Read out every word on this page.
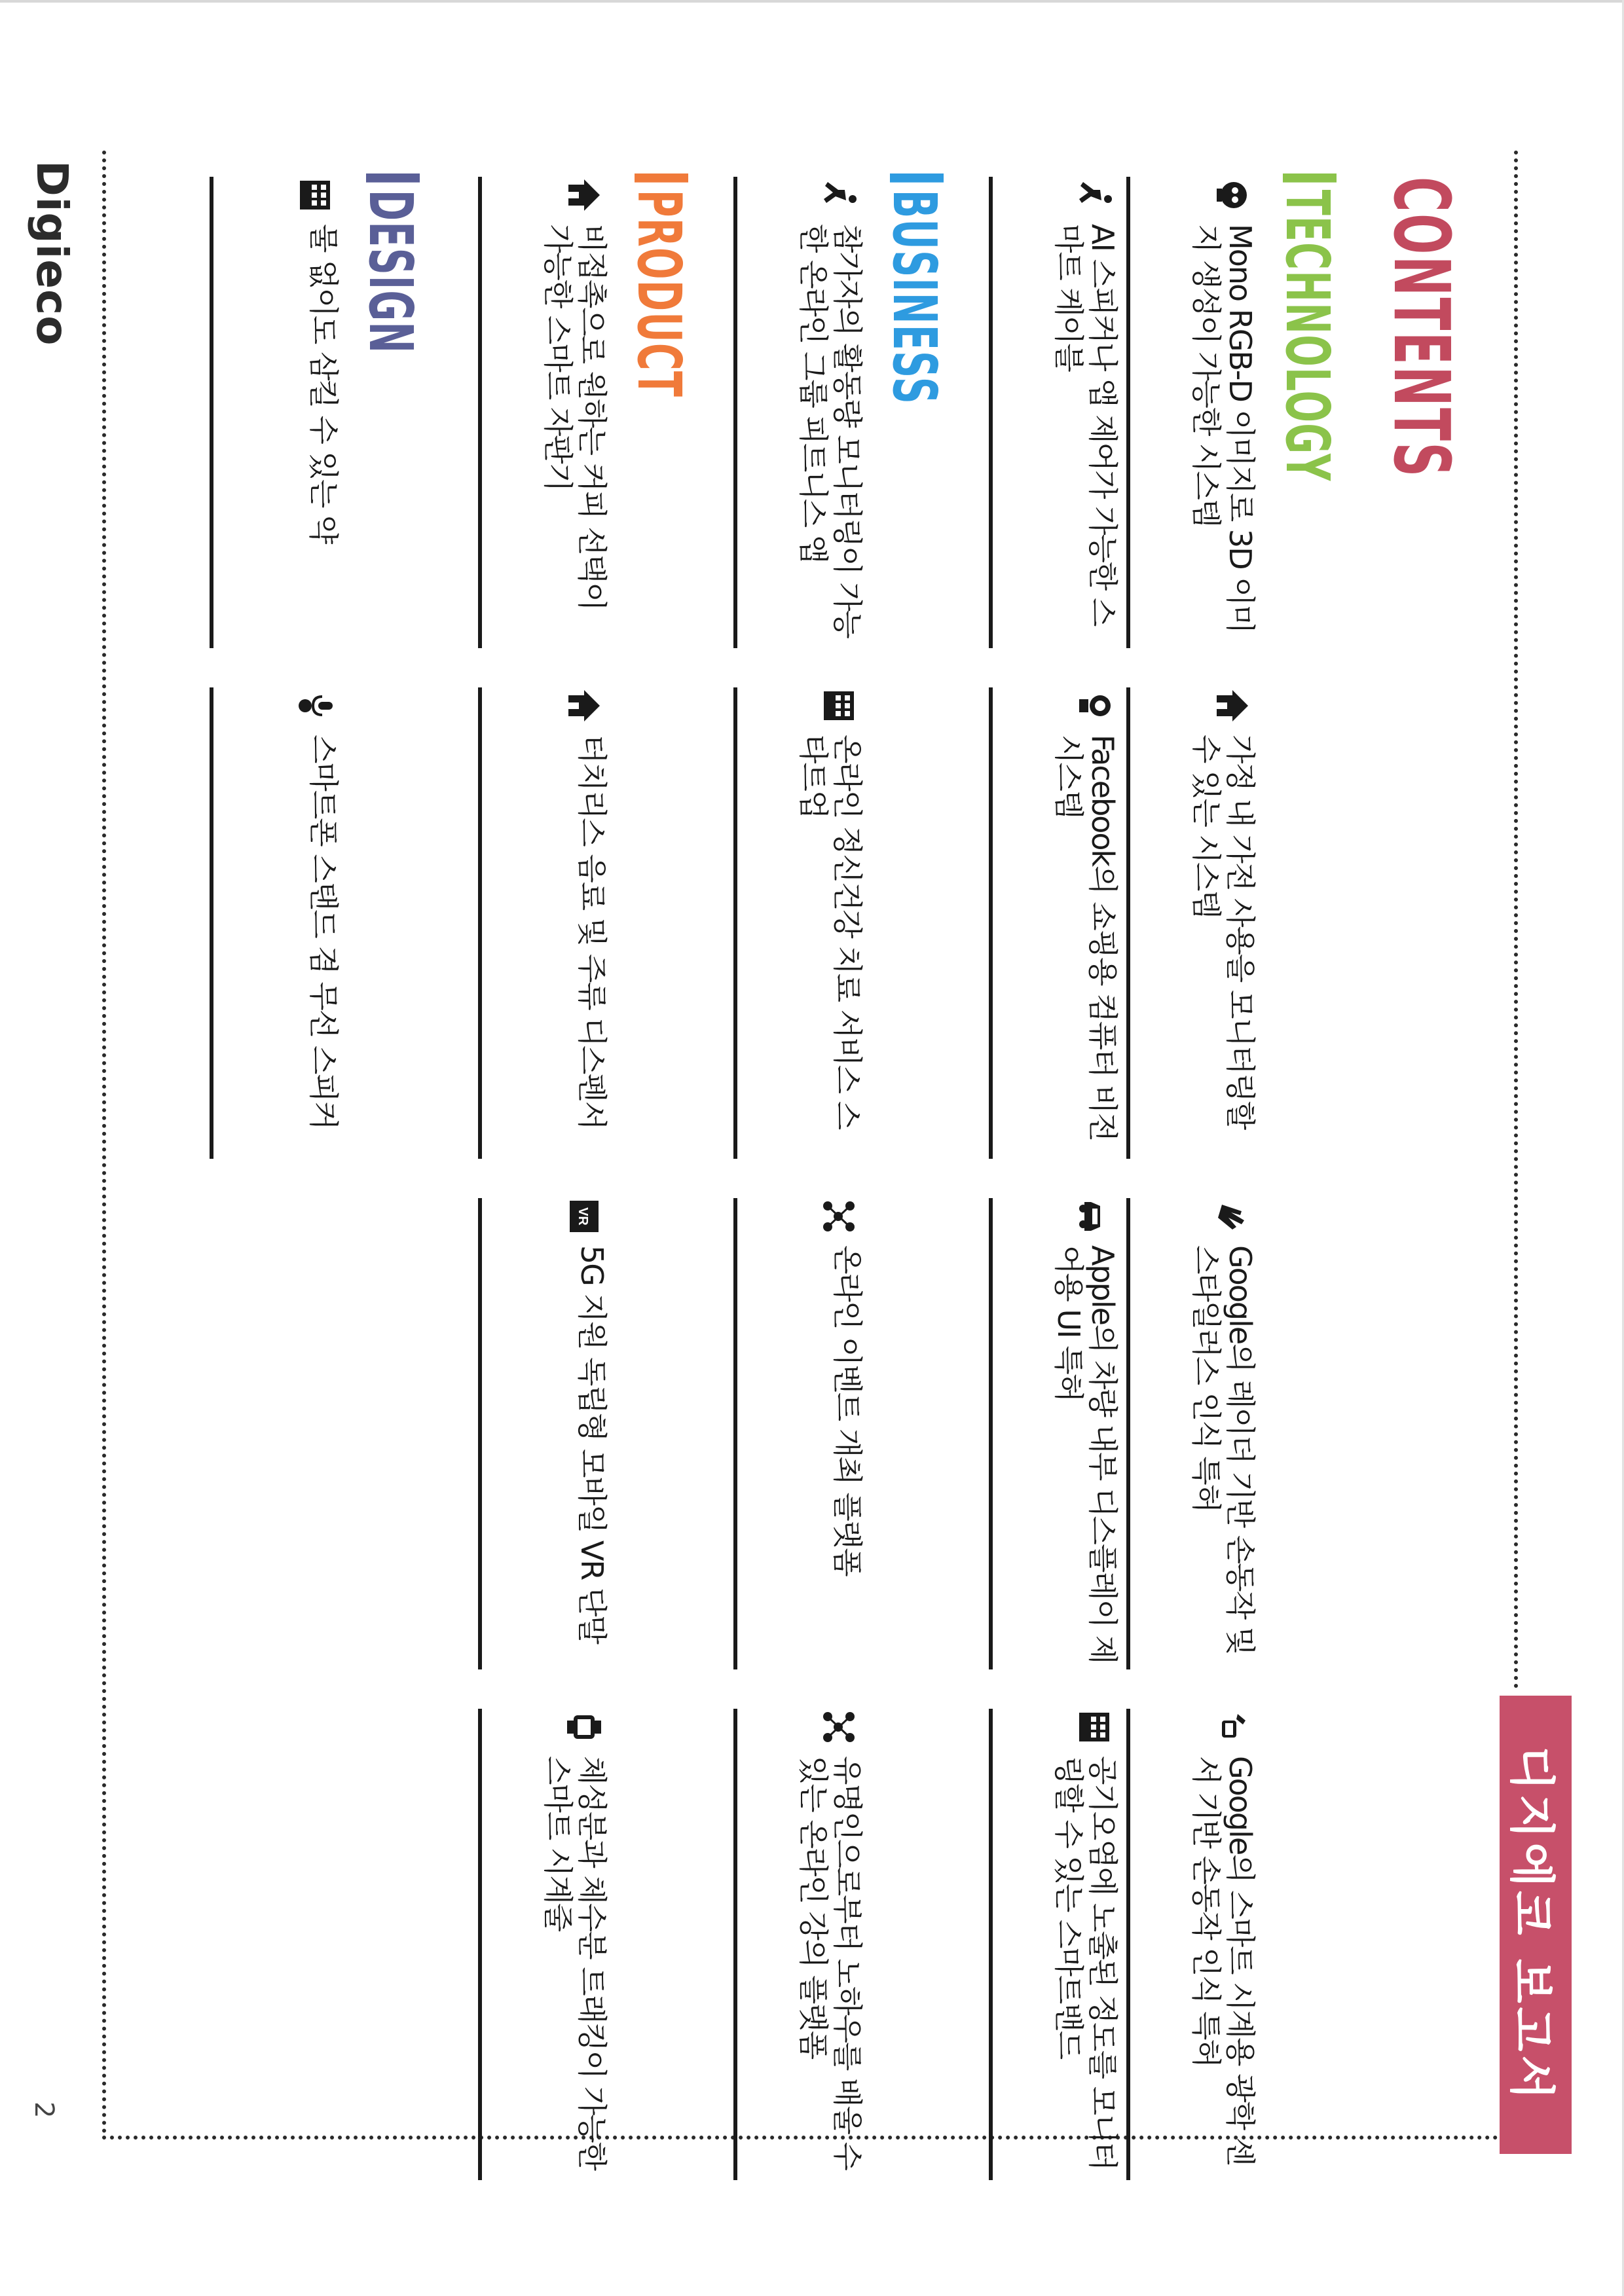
CONTENTS
디지에코 보고서
TECHNOLOGY
Mono RGB-D 이미지로 3D 이미지 생성이 가능한 시스템
가정 내 가전 사용을 모니터링할 수 있는 시스템
Google의 레이더 기반 손동작 및 스타일러스 인식 특허
Google의 스마트 시계용 광학 센서 기반 손동작 인식 특허
AI 스피커나 앱 제어가 가능한 스마트 케이블
Facebook의 쇼핑용 컴퓨터 비전 시스템
Apple의 차량 내부 디스플레이 제어용 UI 특허
공기오염에 노출된 정도를 모니터링할 수 있는 스마트밴드
BUSINESS
참가자의 활동량 모니터링이 가능한 온라인 그룹 피트니스 앱
온라인 정신건강 치료 서비스 스타트업
온라인 이벤트 개최 플랫폼
유명인으로부터 노하우를 배울 수 있는 온라인 강의 플랫폼
PRODUCT
비접촉으로 원하는 커피 선택이 가능한 스마트 자판기
터치리스 음료 및 주류 디스펜서
VR
5G 지원 독립형 모바일 VR 단말
체성분과 체수분 트래킹이 가능한 스마트 시계줄
DESIGN
물 없이도 삼킬 수 있는 약
스마트폰 스탠드 겸 무선 스피커
Digieco
2
